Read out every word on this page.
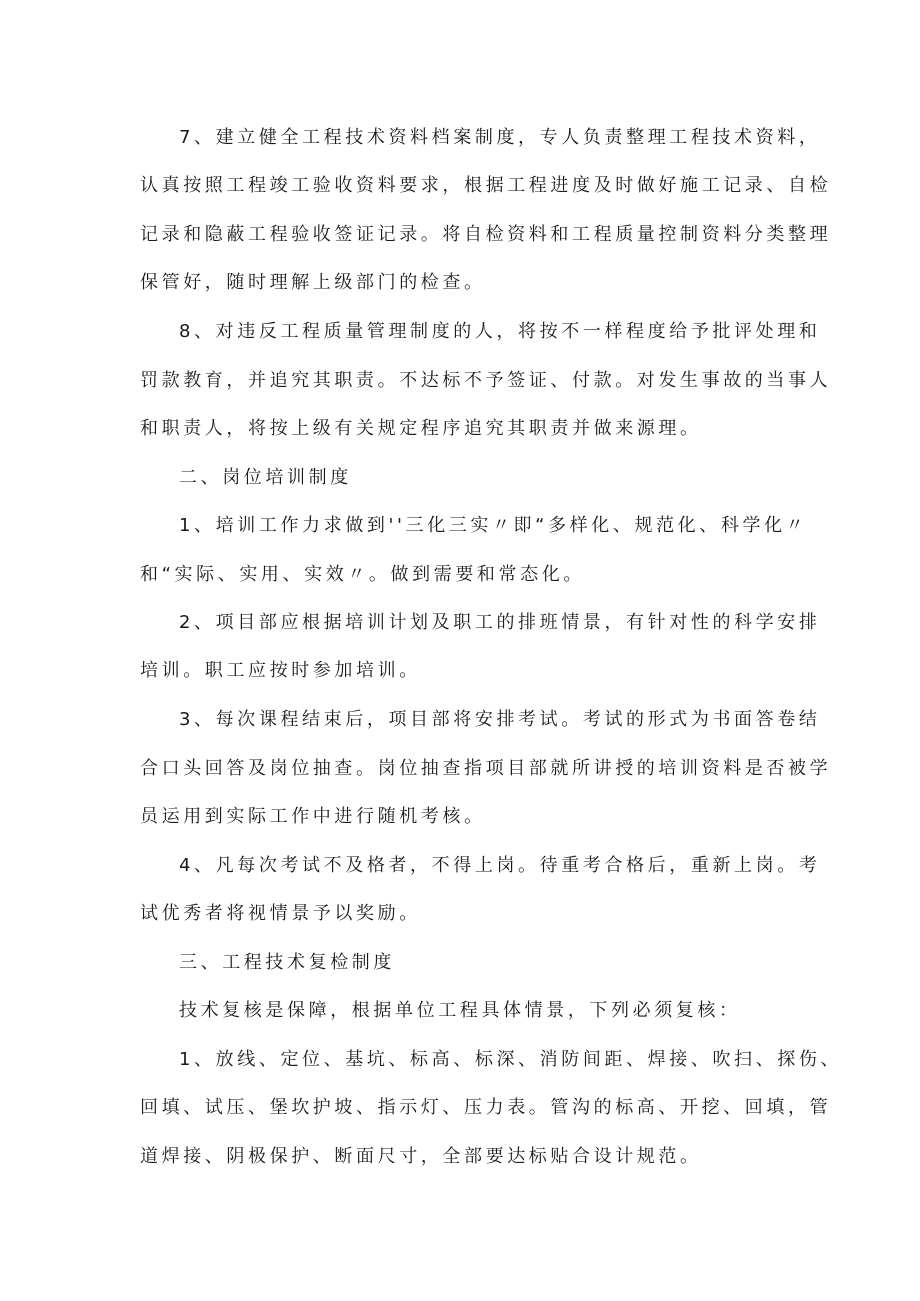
7、建立健全工程技术资料档案制度，专人负责整理工程技术资料，
认真按照工程竣工验收资料要求，根据工程进度及时做好施工记录、自检
记录和隐蔽工程验收签证记录。将自检资料和工程质量控制资料分类整理
保管好，随时理解上级部门的检查。
8、对违反工程质量管理制度的人，将按不一样程度给予批评处理和
罚款教育，并追究其职责。不达标不予签证、付款。对发生事故的当事人
和职责人，将按上级有关规定程序追究其职责并做来源理。
二、岗位培训制度
1、培训工作力求做到''三化三实〃即“多样化、规范化、科学化〃
和“实际、实用、实效〃。做到需要和常态化。
2、项目部应根据培训计划及职工的排班情景，有针对性的科学安排
培训。职工应按时参加培训。
3、每次课程结束后，项目部将安排考试。考试的形式为书面答卷结
合口头回答及岗位抽查。岗位抽查指项目部就所讲授的培训资料是否被学
员运用到实际工作中进行随机考核。
4、凡每次考试不及格者，不得上岗。待重考合格后，重新上岗。考
试优秀者将视情景予以奖励。
三、工程技术复检制度
技术复核是保障，根据单位工程具体情景，下列必须复核：
1、放线、定位、基坑、标高、标深、消防间距、焊接、吹扫、探伤、
回填、试压、堡坎护坡、指示灯、压力表。管沟的标高、开挖、回填，管
道焊接、阴极保护、断面尺寸，全部要达标贴合设计规范。
